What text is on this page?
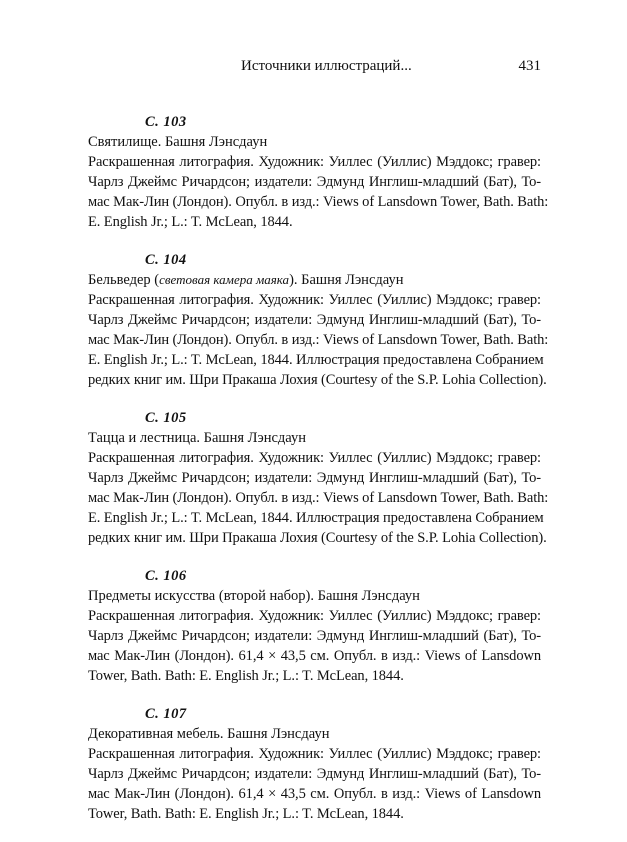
Источники иллюстраций...	431
С. 103
Святилище. Башня Лэнсдаун
Раскрашенная литография. Художник: Уиллес (Уиллис) Мэддокс; гравер:
Чарлз Джеймс Ричардсон; издатели: Эдмунд Инглиш-младший (Бат), То-
мас Мак-Лин (Лондон). Опубл. в изд.: Views of Lansdown Tower, Bath. Bath:
E. English Jr.; L.: T. McLean, 1844.
С. 104
Бельведер (световая камера маяка). Башня Лэнсдаун
Раскрашенная литография. Художник: Уиллес (Уиллис) Мэддокс; гравер:
Чарлз Джеймс Ричардсон; издатели: Эдмунд Инглиш-младший (Бат), То-
мас Мак-Лин (Лондон). Опубл. в изд.: Views of Lansdown Tower, Bath. Bath:
E. English Jr.; L.: T. McLean, 1844. Иллюстрация предоставлена Собранием
редких книг им. Шри Пракаша Лохия (Courtesy of the S.P. Lohia Collection).
С. 105
Тацца и лестница. Башня Лэнсдаун
Раскрашенная литография. Художник: Уиллес (Уиллис) Мэддокс; гравер:
Чарлз Джеймс Ричардсон; издатели: Эдмунд Инглиш-младший (Бат), То-
мас Мак-Лин (Лондон). Опубл. в изд.: Views of Lansdown Tower, Bath. Bath:
E. English Jr.; L.: T. McLean, 1844. Иллюстрация предоставлена Собранием
редких книг им. Шри Пракаша Лохия (Courtesy of the S.P. Lohia Collection).
С. 106
Предметы искусства (второй набор). Башня Лэнсдаун
Раскрашенная литография. Художник: Уиллес (Уиллис) Мэддокс; гравер:
Чарлз Джеймс Ричардсон; издатели: Эдмунд Инглиш-младший (Бат), То-
мас Мак-Лин (Лондон). 61,4 × 43,5 см. Опубл. в изд.: Views of Lansdown
Tower, Bath. Bath: E. English Jr.; L.: T. McLean, 1844.
С. 107
Декоративная мебель. Башня Лэнсдаун
Раскрашенная литография. Художник: Уиллес (Уиллис) Мэддокс; гравер:
Чарлз Джеймс Ричардсон; издатели: Эдмунд Инглиш-младший (Бат), То-
мас Мак-Лин (Лондон). 61,4 × 43,5 см. Опубл. в изд.: Views of Lansdown
Tower, Bath. Bath: E. English Jr.; L.: T. McLean, 1844.
